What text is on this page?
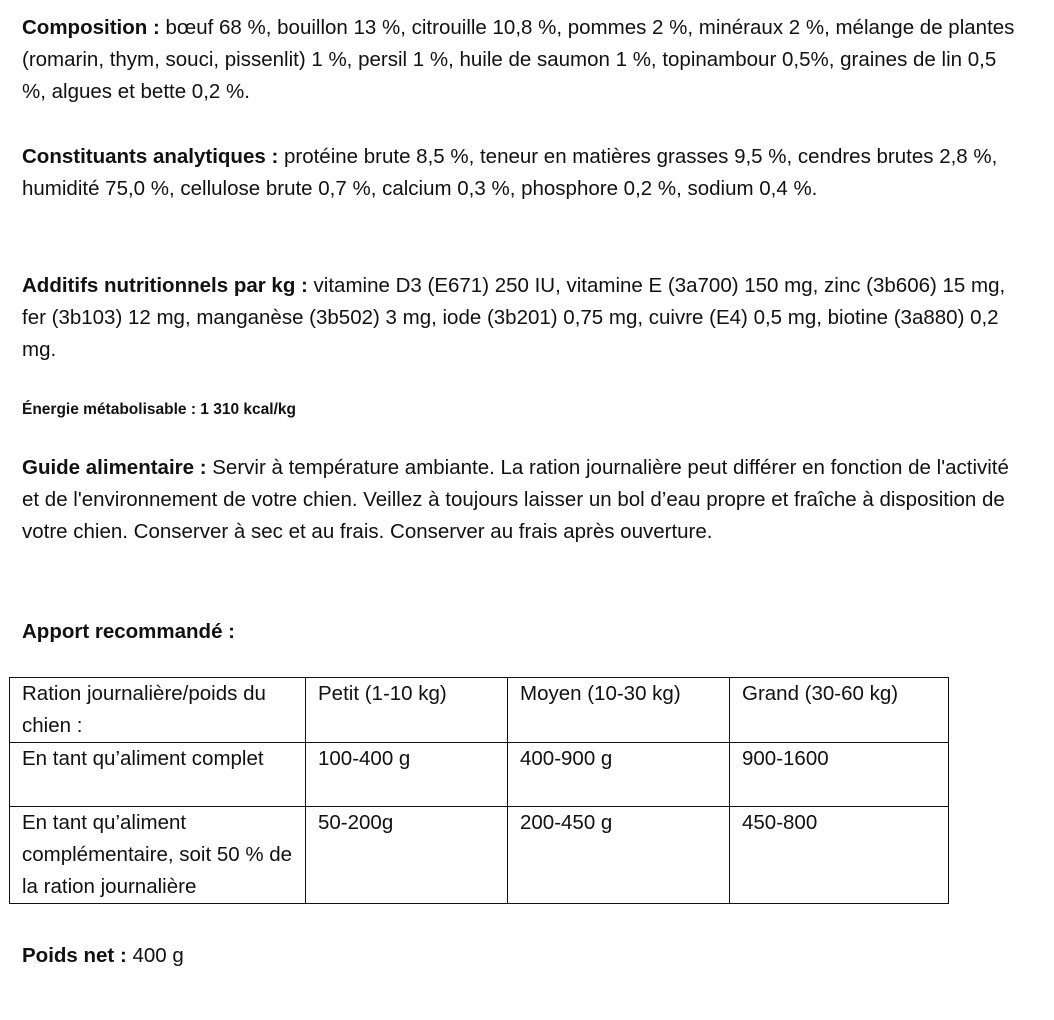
Composition : bœuf 68 %, bouillon 13 %, citrouille 10,8 %, pommes 2 %, minéraux 2 %, mélange de plantes (romarin, thym, souci, pissenlit) 1 %, persil 1 %, huile de saumon 1 %, topinambour 0,5%, graines de lin 0,5 %, algues et bette 0,2 %.

Constituants analytiques : protéine brute 8,5 %, teneur en matières grasses 9,5 %, cendres brutes 2,8 %, humidité 75,0 %, cellulose brute 0,7 %, calcium 0,3 %, phosphore 0,2 %, sodium 0,4 %.

Additifs nutritionnels par kg : vitamine D3 (E671) 250 IU, vitamine E (3a700) 150 mg, zinc (3b606) 15 mg, fer (3b103) 12 mg, manganèse (3b502) 3 mg, iode (3b201) 0,75 mg, cuivre (E4) 0,5 mg, biotine (3a880) 0,2 mg.

Énergie métabolisable : 1 310 kcal/kg

Guide alimentaire : Servir à température ambiante. La ration journalière peut différer en fonction de l'activité et de l'environnement de votre chien. Veillez à toujours laisser un bol d’eau propre et fraîche à disposition de votre chien. Conserver à sec et au frais. Conserver au frais après ouverture.

Apport recommandé :

Ration journalière/poids du chien :	Petit (1-10 kg)	Moyen (10-30 kg)	Grand (30-60 kg)
En tant qu’aliment complet	100-400 g	400-900 g	900-1600
En tant qu’aliment complémentaire, soit 50 % de la ration journalière	50-200g	200-450 g	450-800

Poids net : 400 g
